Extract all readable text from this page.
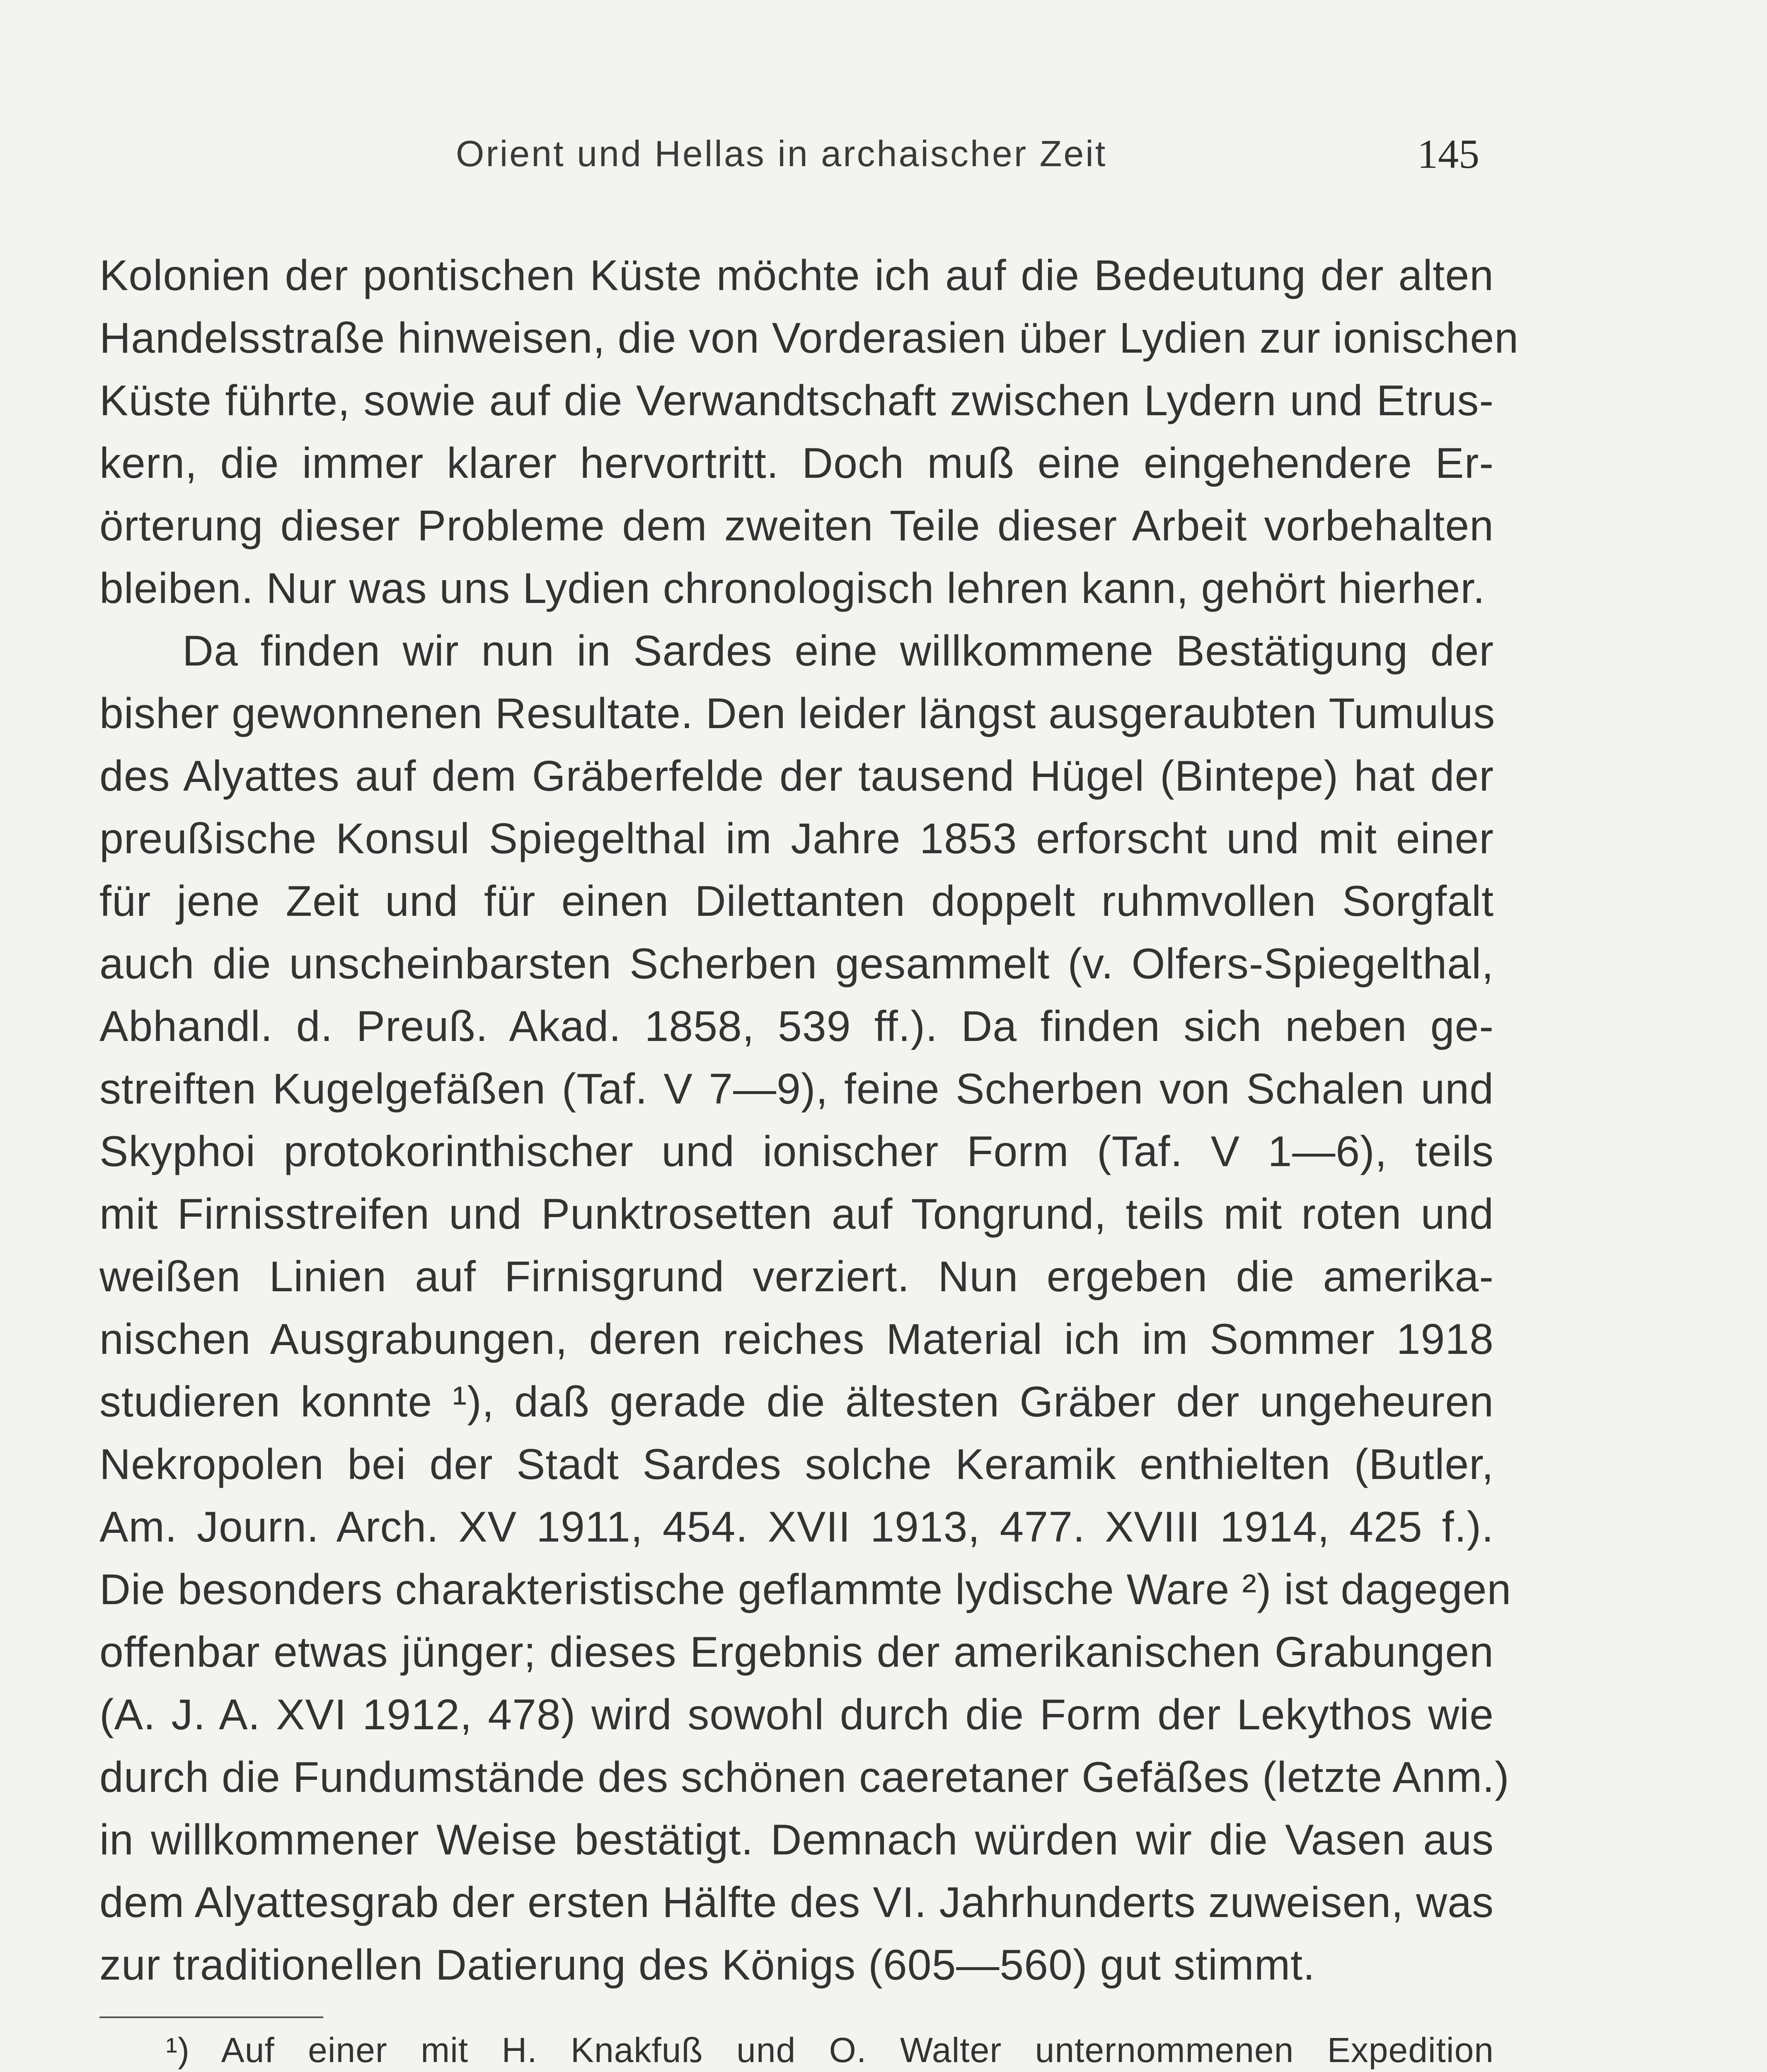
Orient und Hellas in archaischer Zeit	145
Kolonien der pontischen Küste möchte ich auf die Bedeutung der alten
Handelsstraße hinweisen, die von Vorderasien über Lydien zur ionischen
Küste führte, sowie auf die Verwandtschaft zwischen Lydern und Etrus-
kern, die immer klarer hervortritt. Doch muß eine eingehendere Er-
örterung dieser Probleme dem zweiten Teile dieser Arbeit vorbehalten
bleiben. Nur was uns Lydien chronologisch lehren kann, gehört hierher.
Da finden wir nun in Sardes eine willkommene Bestätigung der
bisher gewonnenen Resultate. Den leider längst ausgeraubten Tumulus
des Alyattes auf dem Gräberfelde der tausend Hügel (Bintepe) hat der
preußische Konsul Spiegelthal im Jahre 1853 erforscht und mit einer
für jene Zeit und für einen Dilettanten doppelt ruhmvollen Sorgfalt
auch die unscheinbarsten Scherben gesammelt (v. Olfers-Spiegelthal,
Abhandl. d. Preuß. Akad. 1858, 539 ff.). Da finden sich neben ge-
streiften Kugelgefäßen (Taf. V 7—9), feine Scherben von Schalen und
Skyphoi protokorinthischer und ionischer Form (Taf. V 1—6), teils
mit Firnisstreifen und Punktrosetten auf Tongrund, teils mit roten und
weißen Linien auf Firnisgrund verziert. Nun ergeben die amerika-
nischen Ausgrabungen, deren reiches Material ich im Sommer 1918
studieren konnte ¹), daß gerade die ältesten Gräber der ungeheuren
Nekropolen bei der Stadt Sardes solche Keramik enthielten (Butler,
Am. Journ. Arch. XV 1911, 454. XVII 1913, 477. XVIII 1914, 425 f.).
Die besonders charakteristische geflammte lydische Ware ²) ist dagegen
offenbar etwas jünger; dieses Ergebnis der amerikanischen Grabungen
(A. J. A. XVI 1912, 478) wird sowohl durch die Form der Lekythos wie
durch die Fundumstände des schönen caeretaner Gefäßes (letzte Anm.)
in willkommener Weise bestätigt. Demnach würden wir die Vasen aus
dem Alyattesgrab der ersten Hälfte des VI. Jahrhunderts zuweisen, was
zur traditionellen Datierung des Königs (605—560) gut stimmt.
¹) Auf einer mit H. Knakfuß und O. Walter unternommenen Expedition
